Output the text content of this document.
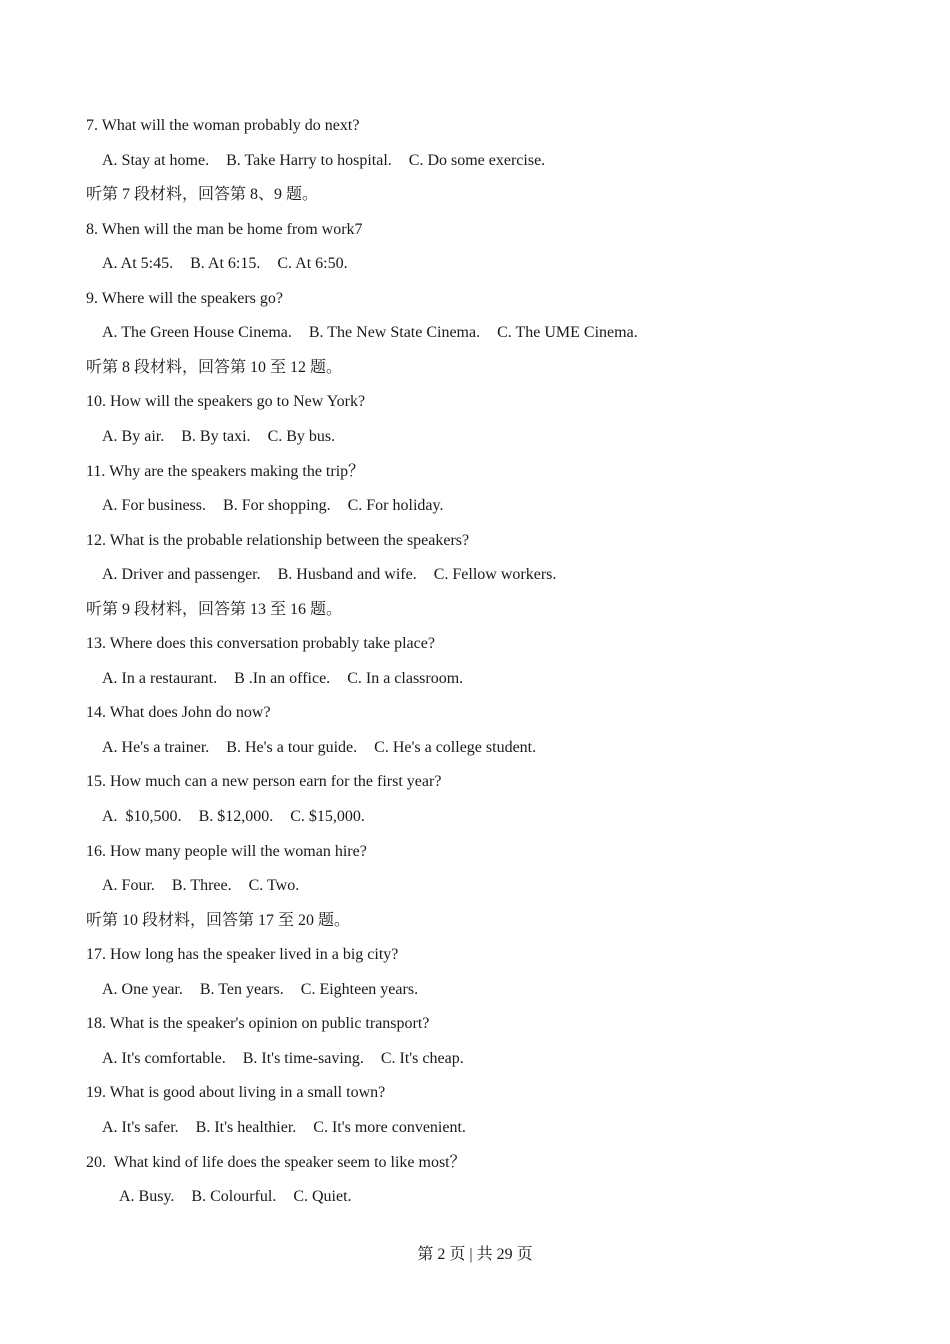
7. What will the woman probably do next?
A. Stay at home. B. Take Harry to hospital. C. Do some exercise.
听第 7 段材料，回答第 8、9 题。
8. When will the man be home from work7
A. At 5:45. B. At 6:15. C. At 6:50.
9. Where will the speakers go?
A. The Green House Cinema. B. The New State Cinema. C. The UME Cinema.
听第 8 段材料，回答第 10 至 12 题。
10. How will the speakers go to New York?
A. By air. B. By taxi. C. By bus.
11. Why are the speakers making the trip？
A. For business. B. For shopping. C. For holiday.
12. What is the probable relationship between the speakers?
A. Driver and passenger. B. Husband and wife. C. Fellow workers.
听第 9 段材料，回答第 13 至 16 题。
13. Where does this conversation probably take place?
A. In a restaurant. B .In an office. C. In a classroom.
14. What does John do now?
A. He's a trainer. B. He's a tour guide. C. He's a college student.
15. How much can a new person earn for the first year?
A.  $10,500. B. $12,000. C. $15,000.
16. How many people will the woman hire?
A. Four. B. Three. C. Two.
听第 10 段材料，回答第 17 至 20 题。
17. How long has the speaker lived in a big city?
A. One year. B. Ten years. C. Eighteen years.
18. What is the speaker's opinion on public transport?
A. It's comfortable. B. It's time-saving. C. It's cheap.
19. What is good about living in a small town?
A. It's safer. B. It's healthier. C. It's more convenient.
20.  What kind of life does the speaker seem to like most？
A. Busy. B. Colourful. C. Quiet.
第 2 页 | 共 29 页
